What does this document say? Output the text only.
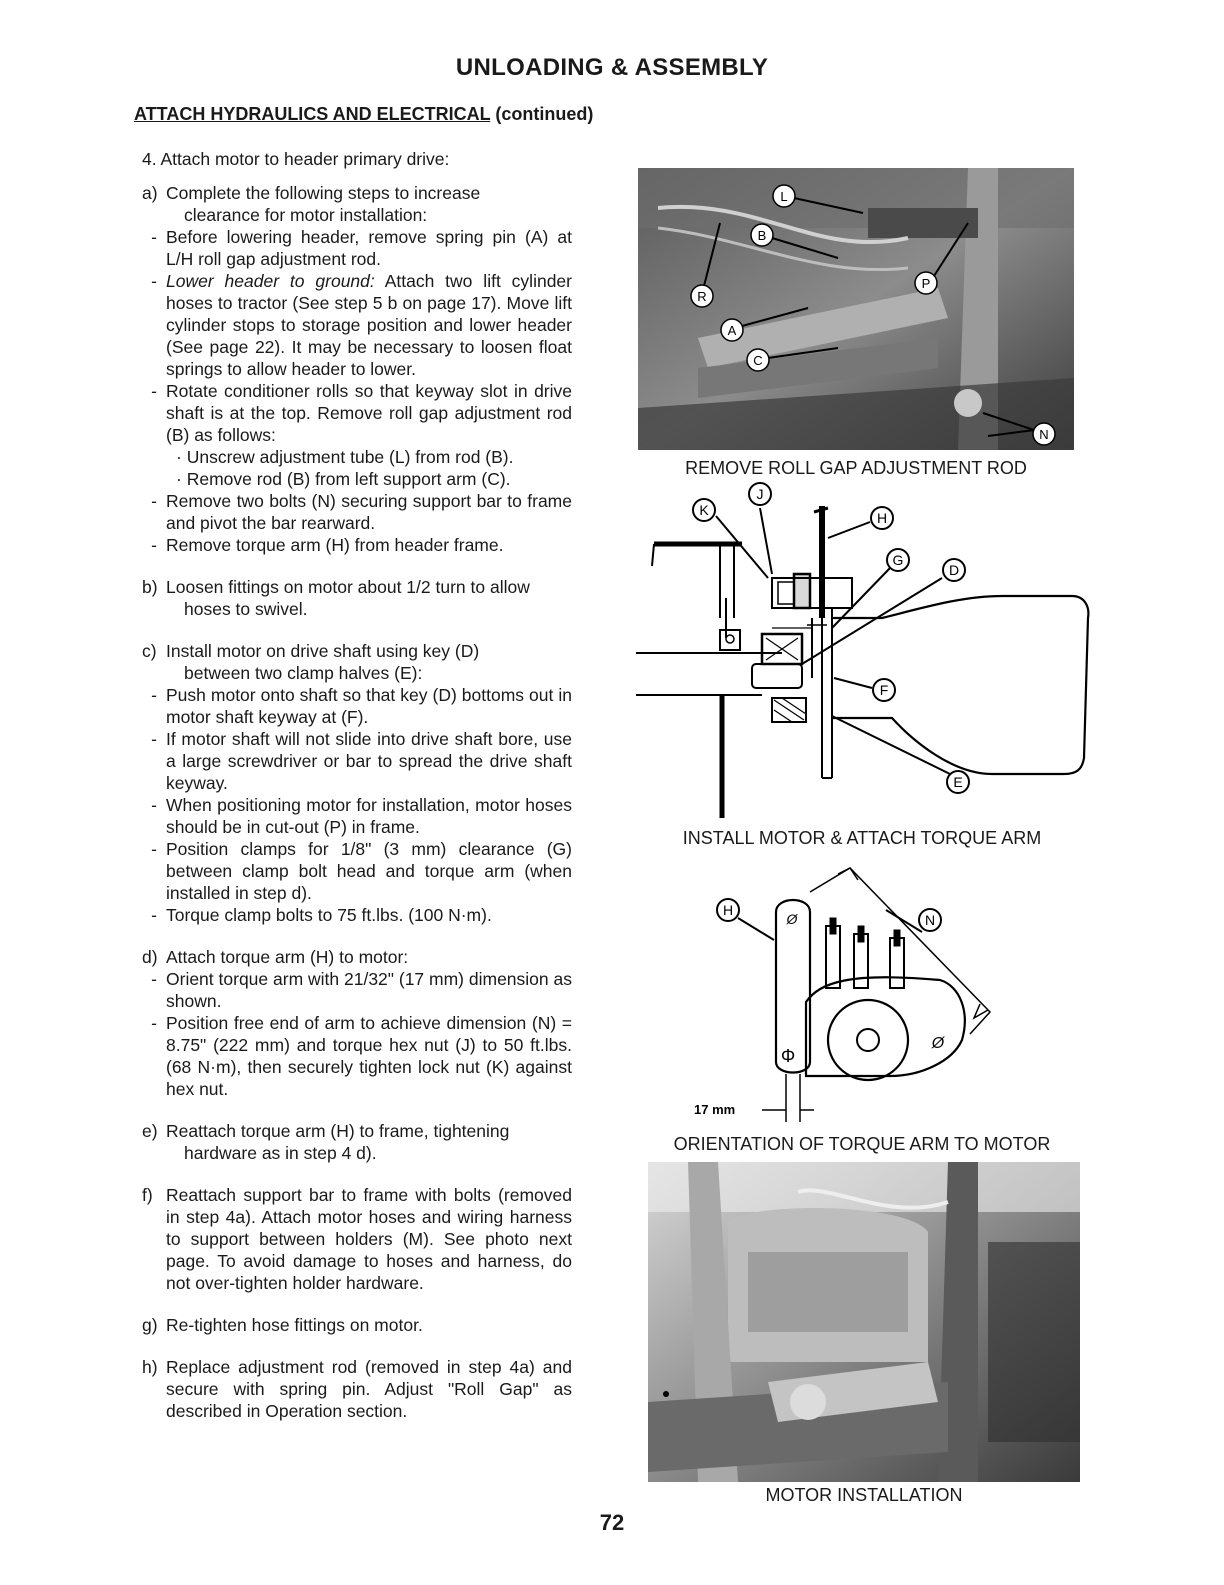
UNLOADING & ASSEMBLY
ATTACH HYDRAULICS AND ELECTRICAL (continued)

4. Attach motor to header primary drive:

a) Complete the following steps to increase

clearance for motor installation:

- Before lowering header, remove spring pin (A) at L/H roll gap adjustment rod.
- Lower header to ground: Attach two lift cylinder hoses to tractor (See step 5 b on page 17). Move lift cylinder stops to storage position and lower header (See page 22). It may be necessary to loosen float springs to allow header to lower.
- Rotate conditioner rolls so that keyway slot in drive shaft is at the top. Remove roll gap adjustment rod (B) as follows:

· Unscrew adjustment tube (L) from rod (B).

· Remove rod (B) from left support arm (C).

- Remove two bolts (N) securing support bar to frame and pivot the bar rearward.
- Remove torque arm (H) from header frame.
b) Loosen fittings on motor about 1/2 turn to allow

hoses to swivel.

c) Install motor on drive shaft using key (D)

between two clamp halves (E):

- Push motor onto shaft so that key (D) bottoms out in motor shaft keyway at (F).
- If motor shaft will not slide into drive shaft bore, use a large screwdriver or bar to spread the drive shaft keyway.
- When positioning motor for installation, motor hoses should be in cut-out (P) in frame.
- Position clamps for 1/8" (3 mm) clearance (G) between clamp bolt head and torque arm (when installed in step d).
- Torque clamp bolts to 75 ft.lbs. (100 N·m).
d) Attach torque arm (H) to motor:
- Orient torque arm with 21/32" (17 mm) dimension as shown.
- Position free end of arm to achieve dimension (N) = 8.75" (222 mm) and torque hex nut (J) to 50 ft.lbs. (68 N·m), then securely tighten lock nut (K) against hex nut.
e) Reattach torque arm (H) to frame, tightening

hardware as in step 4 d).

f) Reattach support bar to frame with bolts (removed in step 4a). Attach motor hoses and wiring harness to support between holders (M). See photo next page. To avoid damage to hoses and harness, do not over-tighten holder hardware.
g) Re-tighten hose fittings on motor.
h) Replace adjustment rod (removed in step 4a) and secure with spring pin. Adjust "Roll Gap" as described in Operation section.
L
B
R
P
A
C
N
REMOVE ROLL GAP ADJUSTMENT ROD
J
K	H
G
D
F
E
INSTALL MOTOR & ATTACH TORQUE ARM
Ø
Φ
Ø
17 mm
H
N
ORIENTATION OF TORQUE ARM TO MOTOR
MOTOR INSTALLATION
72
